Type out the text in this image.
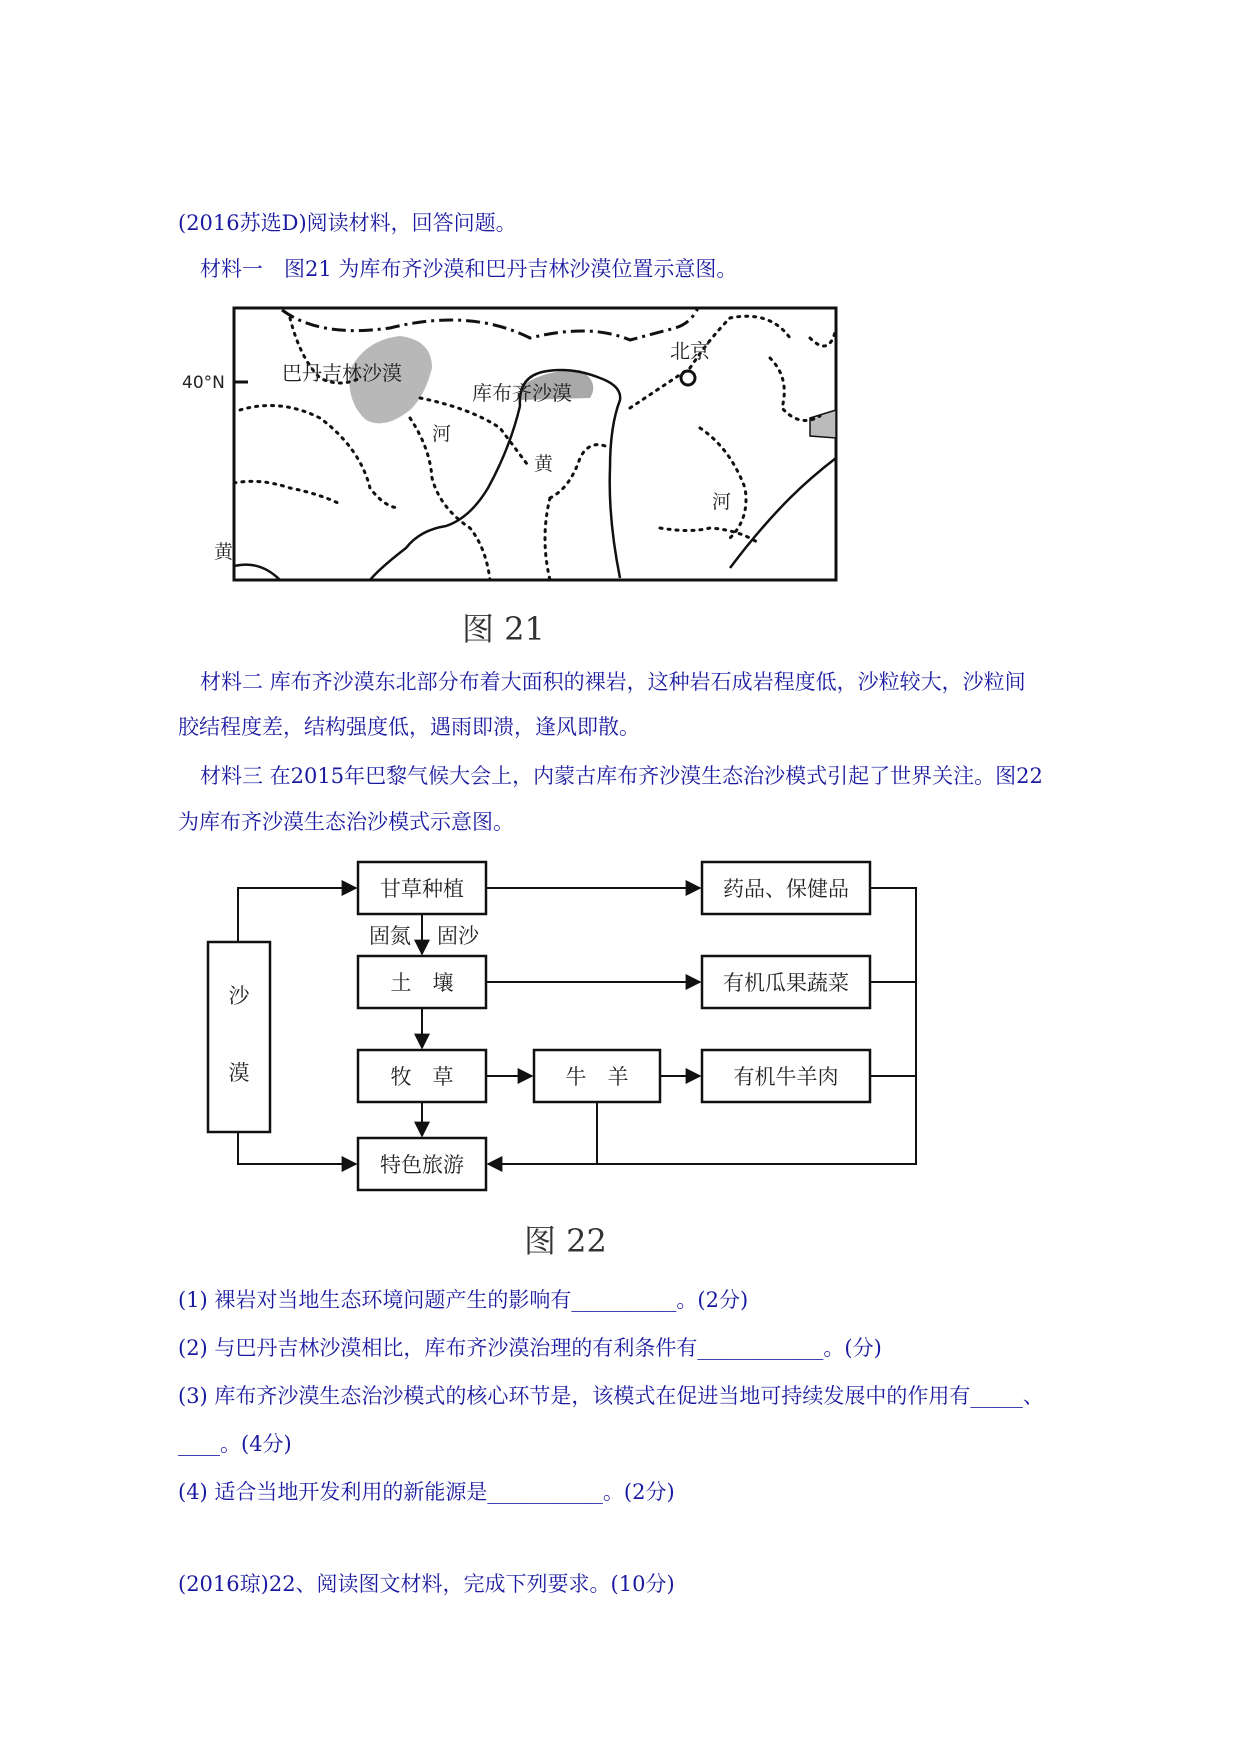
(2016苏选D)阅读材料，回答问题。
材料一　图21 为库布齐沙漠和巴丹吉林沙漠位置示意图。
40°N	巴丹吉林沙漠
库布齐沙漠
北京
河
黄
河
黄
图 21
材料二 库布齐沙漠东北部分布着大面积的裸岩，这种岩石成岩程度低，沙粒较大，沙粒间
胶结程度差，结构强度低，遇雨即溃，逢风即散。
材料三 在2015年巴黎气候大会上，内蒙古库布齐沙漠生态治沙模式引起了世界关注。图22
为库布齐沙漠生态治沙模式示意图。
沙
漠
甘草种植
固氮 固沙
土　壤
牧　草	牛　羊
特色旅游
药品、保健品
有机瓜果蔬菜
有机牛羊肉
图 22
(1) 裸岩对当地生态环境问题产生的影响有__________。(2分)
(2) 与巴丹吉林沙漠相比，库布齐沙漠治理的有利条件有____________。(分)
(3) 库布齐沙漠生态治沙模式的核心环节是，该模式在促进当地可持续发展中的作用有_____、
____。(4分)
(4) 适合当地开发利用的新能源是___________。(2分)
(2016琼)22、阅读图文材料，完成下列要求。(10分)
